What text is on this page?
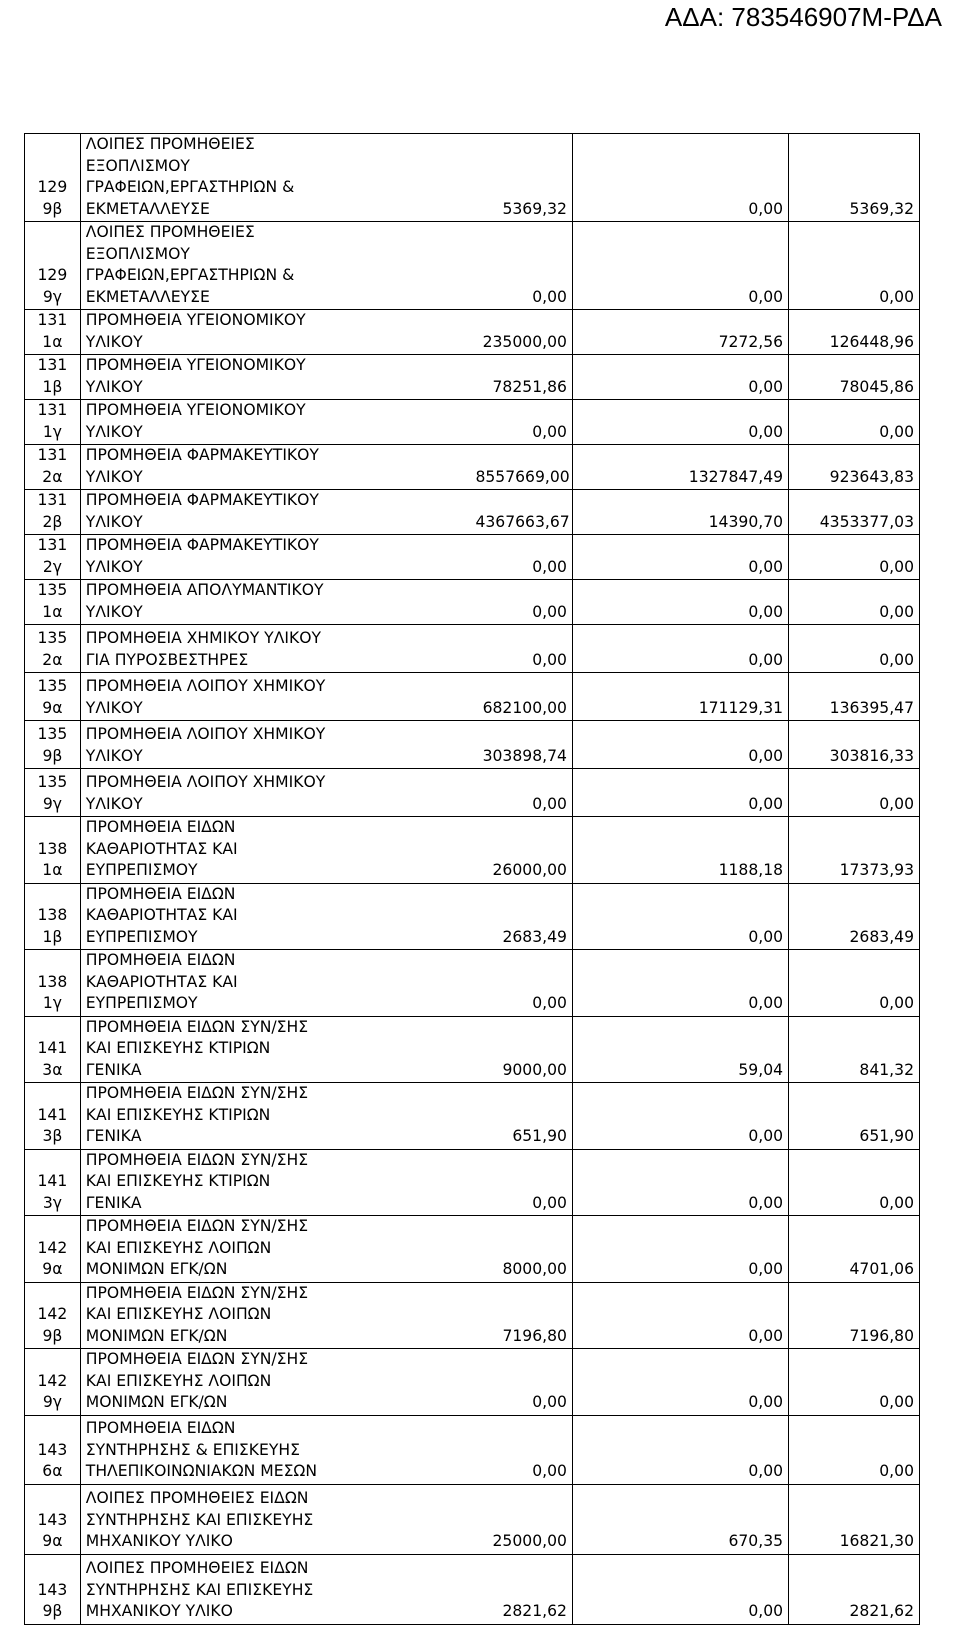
ΑΔΑ: 783546907Μ-ΡΔΑ
129
9β	ΛΟΙΠΕΣ ΠΡΟΜΗΘΕΙΕΣ
ΕΞΟΠΛΙΣΜΟΥ
ΓΡΑΦΕΙΩΝ,ΕΡΓΑΣΤΗΡΙΩΝ &
ΕΚΜΕΤΑΛΛΕΥΣΕ	5369,32	0,00	5369,32

129
9γ	ΛΟΙΠΕΣ ΠΡΟΜΗΘΕΙΕΣ
ΕΞΟΠΛΙΣΜΟΥ
ΓΡΑΦΕΙΩΝ,ΕΡΓΑΣΤΗΡΙΩΝ &
ΕΚΜΕΤΑΛΛΕΥΣΕ	0,00	0,00	0,00

131
1α	ΠΡΟΜΗΘΕΙΑ ΥΓΕΙΟΝΟΜΙΚΟΥ
ΥΛΙΚΟΥ	235000,00	7272,56	126448,96

131
1β	ΠΡΟΜΗΘΕΙΑ ΥΓΕΙΟΝΟΜΙΚΟΥ
ΥΛΙΚΟΥ	78251,86	0,00	78045,86

131
1γ	ΠΡΟΜΗΘΕΙΑ ΥΓΕΙΟΝΟΜΙΚΟΥ
ΥΛΙΚΟΥ	0,00	0,00	0,00

131
2α	ΠΡΟΜΗΘΕΙΑ ΦΑΡΜΑΚΕΥΤΙΚΟΥ
ΥΛΙΚΟΥ	8557669,00	1327847,49	923643,83

131
2β	ΠΡΟΜΗΘΕΙΑ ΦΑΡΜΑΚΕΥΤΙΚΟΥ
ΥΛΙΚΟΥ	4367663,67	14390,70	4353377,03

131
2γ	ΠΡΟΜΗΘΕΙΑ ΦΑΡΜΑΚΕΥΤΙΚΟΥ
ΥΛΙΚΟΥ	0,00	0,00	0,00

135
1α	ΠΡΟΜΗΘΕΙΑ ΑΠΟΛΥΜΑΝΤΙΚΟΥ
ΥΛΙΚΟΥ	0,00	0,00	0,00

135
2α	ΠΡΟΜΗΘΕΙΑ ΧΗΜΙΚΟΥ ΥΛΙΚΟΥ
ΓΙΑ ΠΥΡΟΣΒΕΣΤΗΡΕΣ	0,00	0,00	0,00

135
9α	ΠΡΟΜΗΘΕΙΑ ΛΟΙΠΟΥ ΧΗΜΙΚΟΥ
ΥΛΙΚΟΥ	682100,00	171129,31	136395,47

135
9β	ΠΡΟΜΗΘΕΙΑ ΛΟΙΠΟΥ ΧΗΜΙΚΟΥ
ΥΛΙΚΟΥ	303898,74	0,00	303816,33

135
9γ	ΠΡΟΜΗΘΕΙΑ ΛΟΙΠΟΥ ΧΗΜΙΚΟΥ
ΥΛΙΚΟΥ	0,00	0,00	0,00

138
1α	ΠΡΟΜΗΘΕΙΑ ΕΙΔΩΝ
ΚΑΘΑΡΙΟΤΗΤΑΣ ΚΑΙ
ΕΥΠΡΕΠΙΣΜΟΥ	26000,00	1188,18	17373,93

138
1β	ΠΡΟΜΗΘΕΙΑ ΕΙΔΩΝ
ΚΑΘΑΡΙΟΤΗΤΑΣ ΚΑΙ
ΕΥΠΡΕΠΙΣΜΟΥ	2683,49	0,00	2683,49

138
1γ	ΠΡΟΜΗΘΕΙΑ ΕΙΔΩΝ
ΚΑΘΑΡΙΟΤΗΤΑΣ ΚΑΙ
ΕΥΠΡΕΠΙΣΜΟΥ	0,00	0,00	0,00

141
3α	ΠΡΟΜΗΘΕΙΑ ΕΙΔΩΝ ΣΥΝ/ΣΗΣ
ΚΑΙ ΕΠΙΣΚΕΥΗΣ ΚΤΙΡΙΩΝ
ΓΕΝΙΚΑ	9000,00	59,04	841,32

141
3β	ΠΡΟΜΗΘΕΙΑ ΕΙΔΩΝ ΣΥΝ/ΣΗΣ
ΚΑΙ ΕΠΙΣΚΕΥΗΣ ΚΤΙΡΙΩΝ
ΓΕΝΙΚΑ	651,90	0,00	651,90

141
3γ	ΠΡΟΜΗΘΕΙΑ ΕΙΔΩΝ ΣΥΝ/ΣΗΣ
ΚΑΙ ΕΠΙΣΚΕΥΗΣ ΚΤΙΡΙΩΝ
ΓΕΝΙΚΑ	0,00	0,00	0,00

142
9α	ΠΡΟΜΗΘΕΙΑ ΕΙΔΩΝ ΣΥΝ/ΣΗΣ
ΚΑΙ ΕΠΙΣΚΕΥΗΣ ΛΟΙΠΩΝ
ΜΟΝΙΜΩΝ ΕΓΚ/ΩΝ	8000,00	0,00	4701,06

142
9β	ΠΡΟΜΗΘΕΙΑ ΕΙΔΩΝ ΣΥΝ/ΣΗΣ
ΚΑΙ ΕΠΙΣΚΕΥΗΣ ΛΟΙΠΩΝ
ΜΟΝΙΜΩΝ ΕΓΚ/ΩΝ	7196,80	0,00	7196,80

142
9γ	ΠΡΟΜΗΘΕΙΑ ΕΙΔΩΝ ΣΥΝ/ΣΗΣ
ΚΑΙ ΕΠΙΣΚΕΥΗΣ ΛΟΙΠΩΝ
ΜΟΝΙΜΩΝ ΕΓΚ/ΩΝ	0,00	0,00	0,00

143
6α	ΠΡΟΜΗΘΕΙΑ ΕΙΔΩΝ
ΣΥΝΤΗΡΗΣΗΣ & ΕΠΙΣΚΕΥΗΣ
ΤΗΛΕΠΙΚΟΙΝΩΝΙΑΚΩΝ ΜΕΣΩΝ	0,00	0,00	0,00

143
9α	ΛΟΙΠΕΣ ΠΡΟΜΗΘΕΙΕΣ ΕΙΔΩΝ
ΣΥΝΤΗΡΗΣΗΣ ΚΑΙ ΕΠΙΣΚΕΥΗΣ
ΜΗΧΑΝΙΚΟΥ ΥΛΙΚΟ	25000,00	670,35	16821,30

143
9β	ΛΟΙΠΕΣ ΠΡΟΜΗΘΕΙΕΣ ΕΙΔΩΝ
ΣΥΝΤΗΡΗΣΗΣ ΚΑΙ ΕΠΙΣΚΕΥΗΣ
ΜΗΧΑΝΙΚΟΥ ΥΛΙΚΟ	2821,62	0,00	2821,62
